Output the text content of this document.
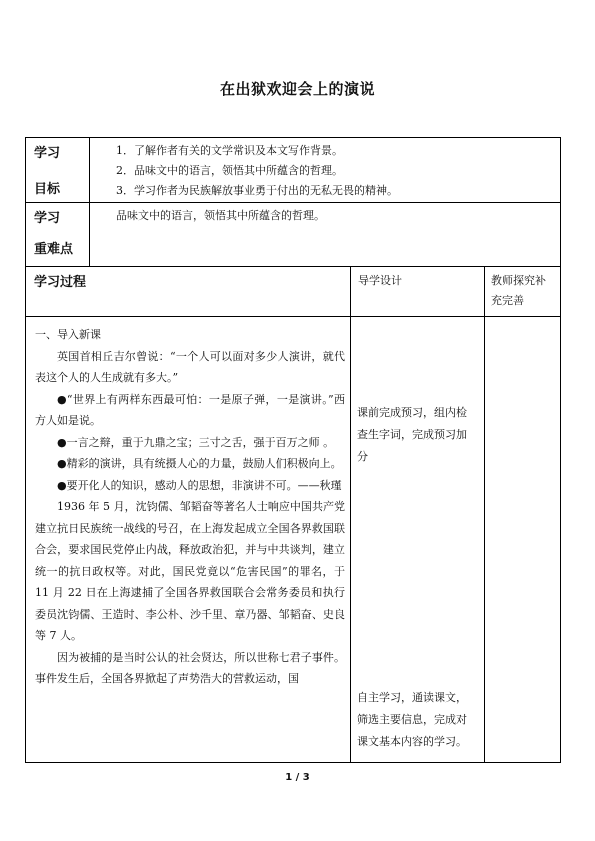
在出狱欢迎会上的演说
学习
目标
1．了解作者有关的文学常识及本文写作背景。
2．品味文中的语言，领悟其中所蕴含的哲理。
3．学习作者为民族解放事业勇于付出的无私无畏的精神。
学习
重难点
品味文中的语言，领悟其中所蕴含的哲理。
学习过程	导学设计	教师探究补
充完善
一、导入新课
英国首相丘吉尔曾说：“一个人可以面对多少人演讲，就代表这个人的人生成就有多大。”
●“世界上有两样东西最可怕：一是原子弹，一是演讲。”西方人如是说。
●一言之辩，重于九鼎之宝；三寸之舌，强于百万之师 。
●精彩的演讲，具有统摄人心的力量，鼓励人们积极向上。
●要开化人的知识，感动人的思想，非演讲不可。——秋瑾
1936 年 5 月，沈钧儒、邹韬奋等著名人士响应中国共产党建立抗日民族统一战线的号召，在上海发起成立全国各界救国联合会，要求国民党停止内战，释放政治犯，并与中共谈判，建立统一的抗日政权等。对此，国民党竟以“危害民国”的罪名，于 11 月 22 日在上海逮捕了全国各界救国联合会常务委员和执行委员沈钧儒、王造时、李公朴、沙千里、章乃器、邹韬奋、史良等 7 人。
因为被捕的是当时公认的社会贤达，所以世称七君子事件。事件发生后，全国各界掀起了声势浩大的营救运动，国
课前完成预习，组内检
查生字词，完成预习加
分
自主学习，通读课文，
筛选主要信息，完成对
课文基本内容的学习。
1 / 3
